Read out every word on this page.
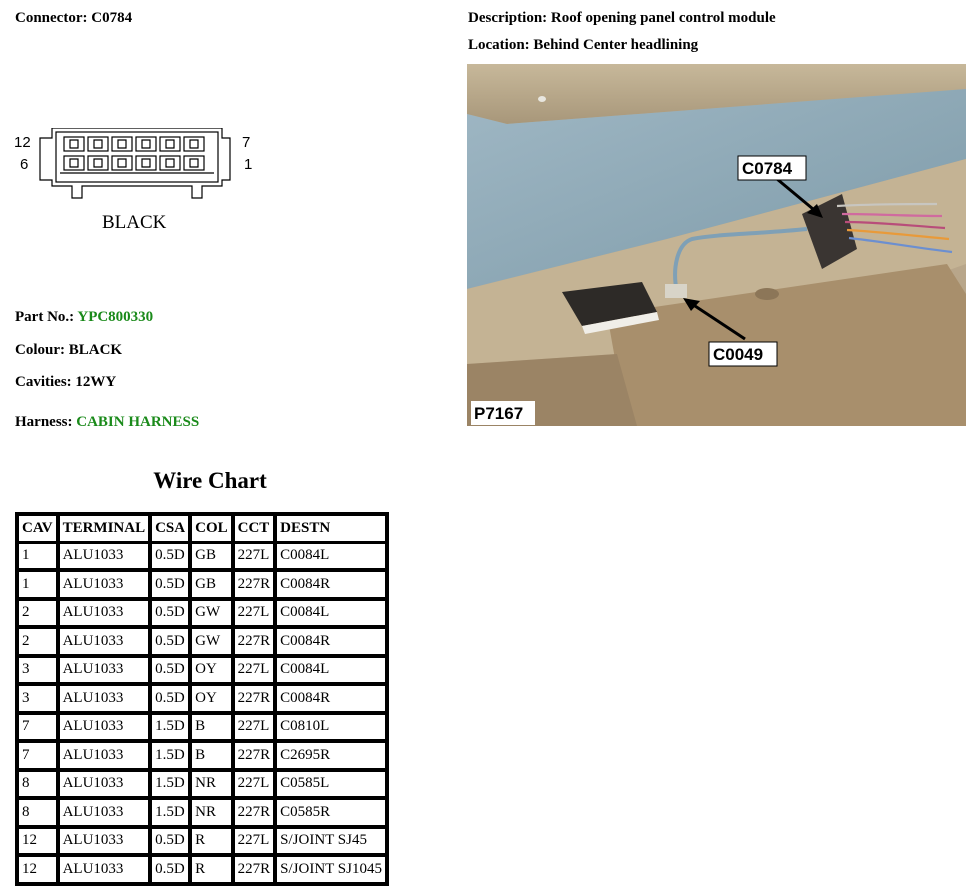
Connector: C0784	Description: Roof opening panel control module
Location: Behind Center headlining
12
6
7
1
BLACK
C0784
C0049
P7167
Part No.: YPC800330
Colour: BLACK
Cavities: 12WY
Harness: CABIN HARNESS
Wire Chart
CAV	TERMINAL	CSA	COL	CCT	DESTN
1	ALU1033	0.5D	GB	227L	C0084L
1	ALU1033	0.5D	GB	227R	C0084R
2	ALU1033	0.5D	GW	227L	C0084L
2	ALU1033	0.5D	GW	227R	C0084R
3	ALU1033	0.5D	OY	227L	C0084L
3	ALU1033	0.5D	OY	227R	C0084R
7	ALU1033	1.5D	B	227L	C0810L
7	ALU1033	1.5D	B	227R	C2695R
8	ALU1033	1.5D	NR	227L	C0585L
8	ALU1033	1.5D	NR	227R	C0585R
12	ALU1033	0.5D	R	227L	S/JOINT SJ45
12	ALU1033	0.5D	R	227R	S/JOINT SJ1045
